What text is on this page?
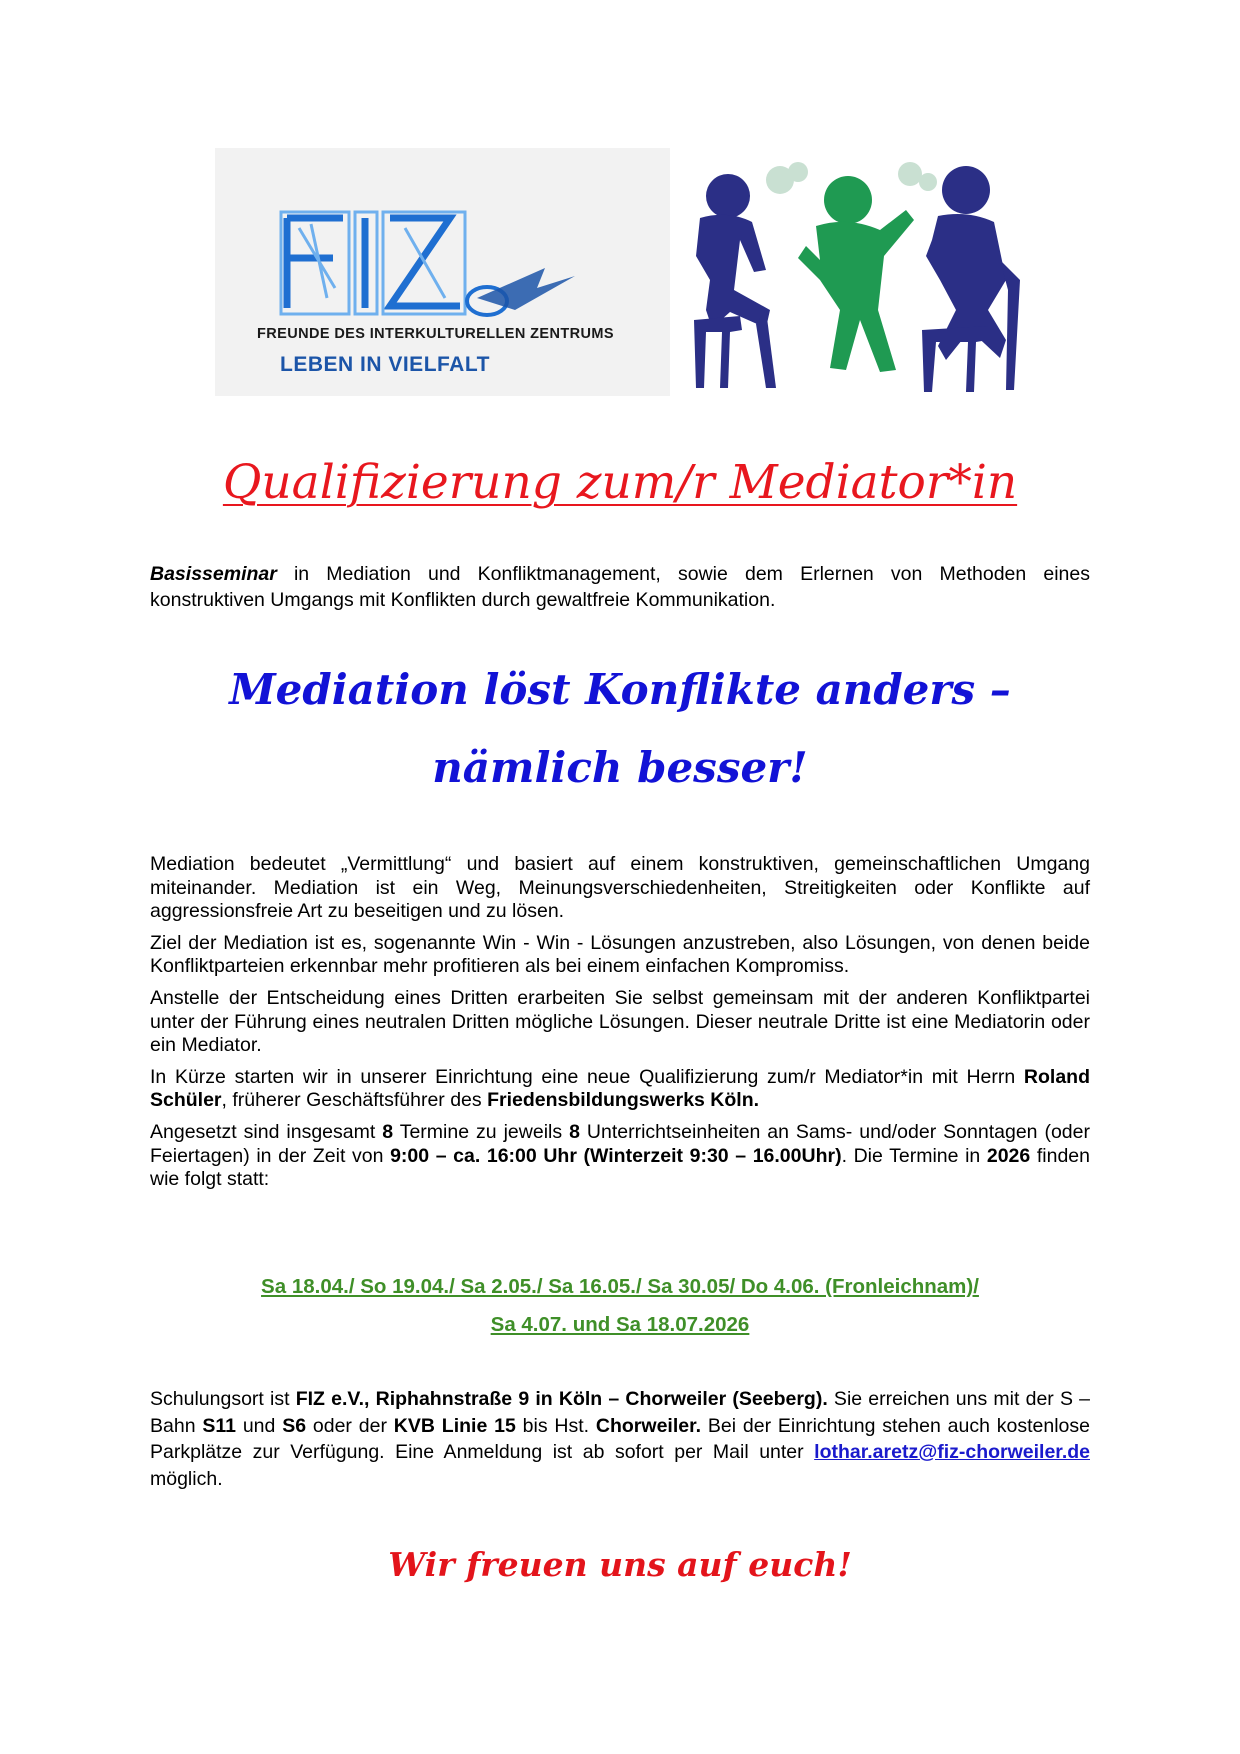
FREUNDE DES INTERKULTURELLEN ZENTRUMS
LEBEN IN VIELFALT
Qualifizierung zum/r Mediator*in
Basisseminar in Mediation und Konfliktmanagement, sowie dem Erlernen von Methoden eines konstruktiven Umgangs mit Konflikten durch gewaltfreie Kommunikation.
Mediation löst Konflikte anders –
nämlich besser!

Mediation bedeutet „Vermittlung“ und basiert auf einem konstruktiven, gemeinschaftlichen Umgang miteinander. Mediation ist ein Weg, Meinungsverschiedenheiten, Streitigkeiten oder Konflikte auf aggressionsfreie Art zu beseitigen und zu lösen.

Ziel der Mediation ist es, sogenannte Win - Win - Lösungen anzustreben, also Lösungen, von denen beide Konfliktparteien erkennbar mehr profitieren als bei einem einfachen Kompromiss.

Anstelle der Entscheidung eines Dritten erarbeiten Sie selbst gemeinsam mit der anderen Konfliktpartei unter der Führung eines neutralen Dritten mögliche Lösungen. Dieser neutrale Dritte ist eine Mediatorin oder ein Mediator.

In Kürze starten wir in unserer Einrichtung eine neue Qualifizierung zum/r Mediator*in mit Herrn Roland Schüler, früherer Geschäftsführer des Friedensbildungswerks Köln.

Angesetzt sind insgesamt 8 Termine zu jeweils 8 Unterrichtseinheiten an Sams- und/oder Sonntagen (oder Feiertagen) in der Zeit von 9:00 – ca. 16:00 Uhr (Winterzeit 9:30 – 16.00Uhr). Die Termine in 2026 finden wie folgt statt:

Sa 18.04./ So 19.04./ Sa 2.05./ Sa 16.05./ Sa 30.05/ Do 4.06. (Fronleichnam)/
Sa 4.07. und Sa 18.07.2026
Schulungsort ist FIZ e.V., Riphahnstraße 9 in Köln – Chorweiler (Seeberg). Sie erreichen uns mit der S – Bahn S11 und S6 oder der KVB Linie 15 bis Hst. Chorweiler. Bei der Einrichtung stehen auch kostenlose Parkplätze zur Verfügung. Eine Anmeldung ist ab sofort per Mail unter lothar.aretz@fiz-chorweiler.de möglich.
Wir freuen uns auf euch!
